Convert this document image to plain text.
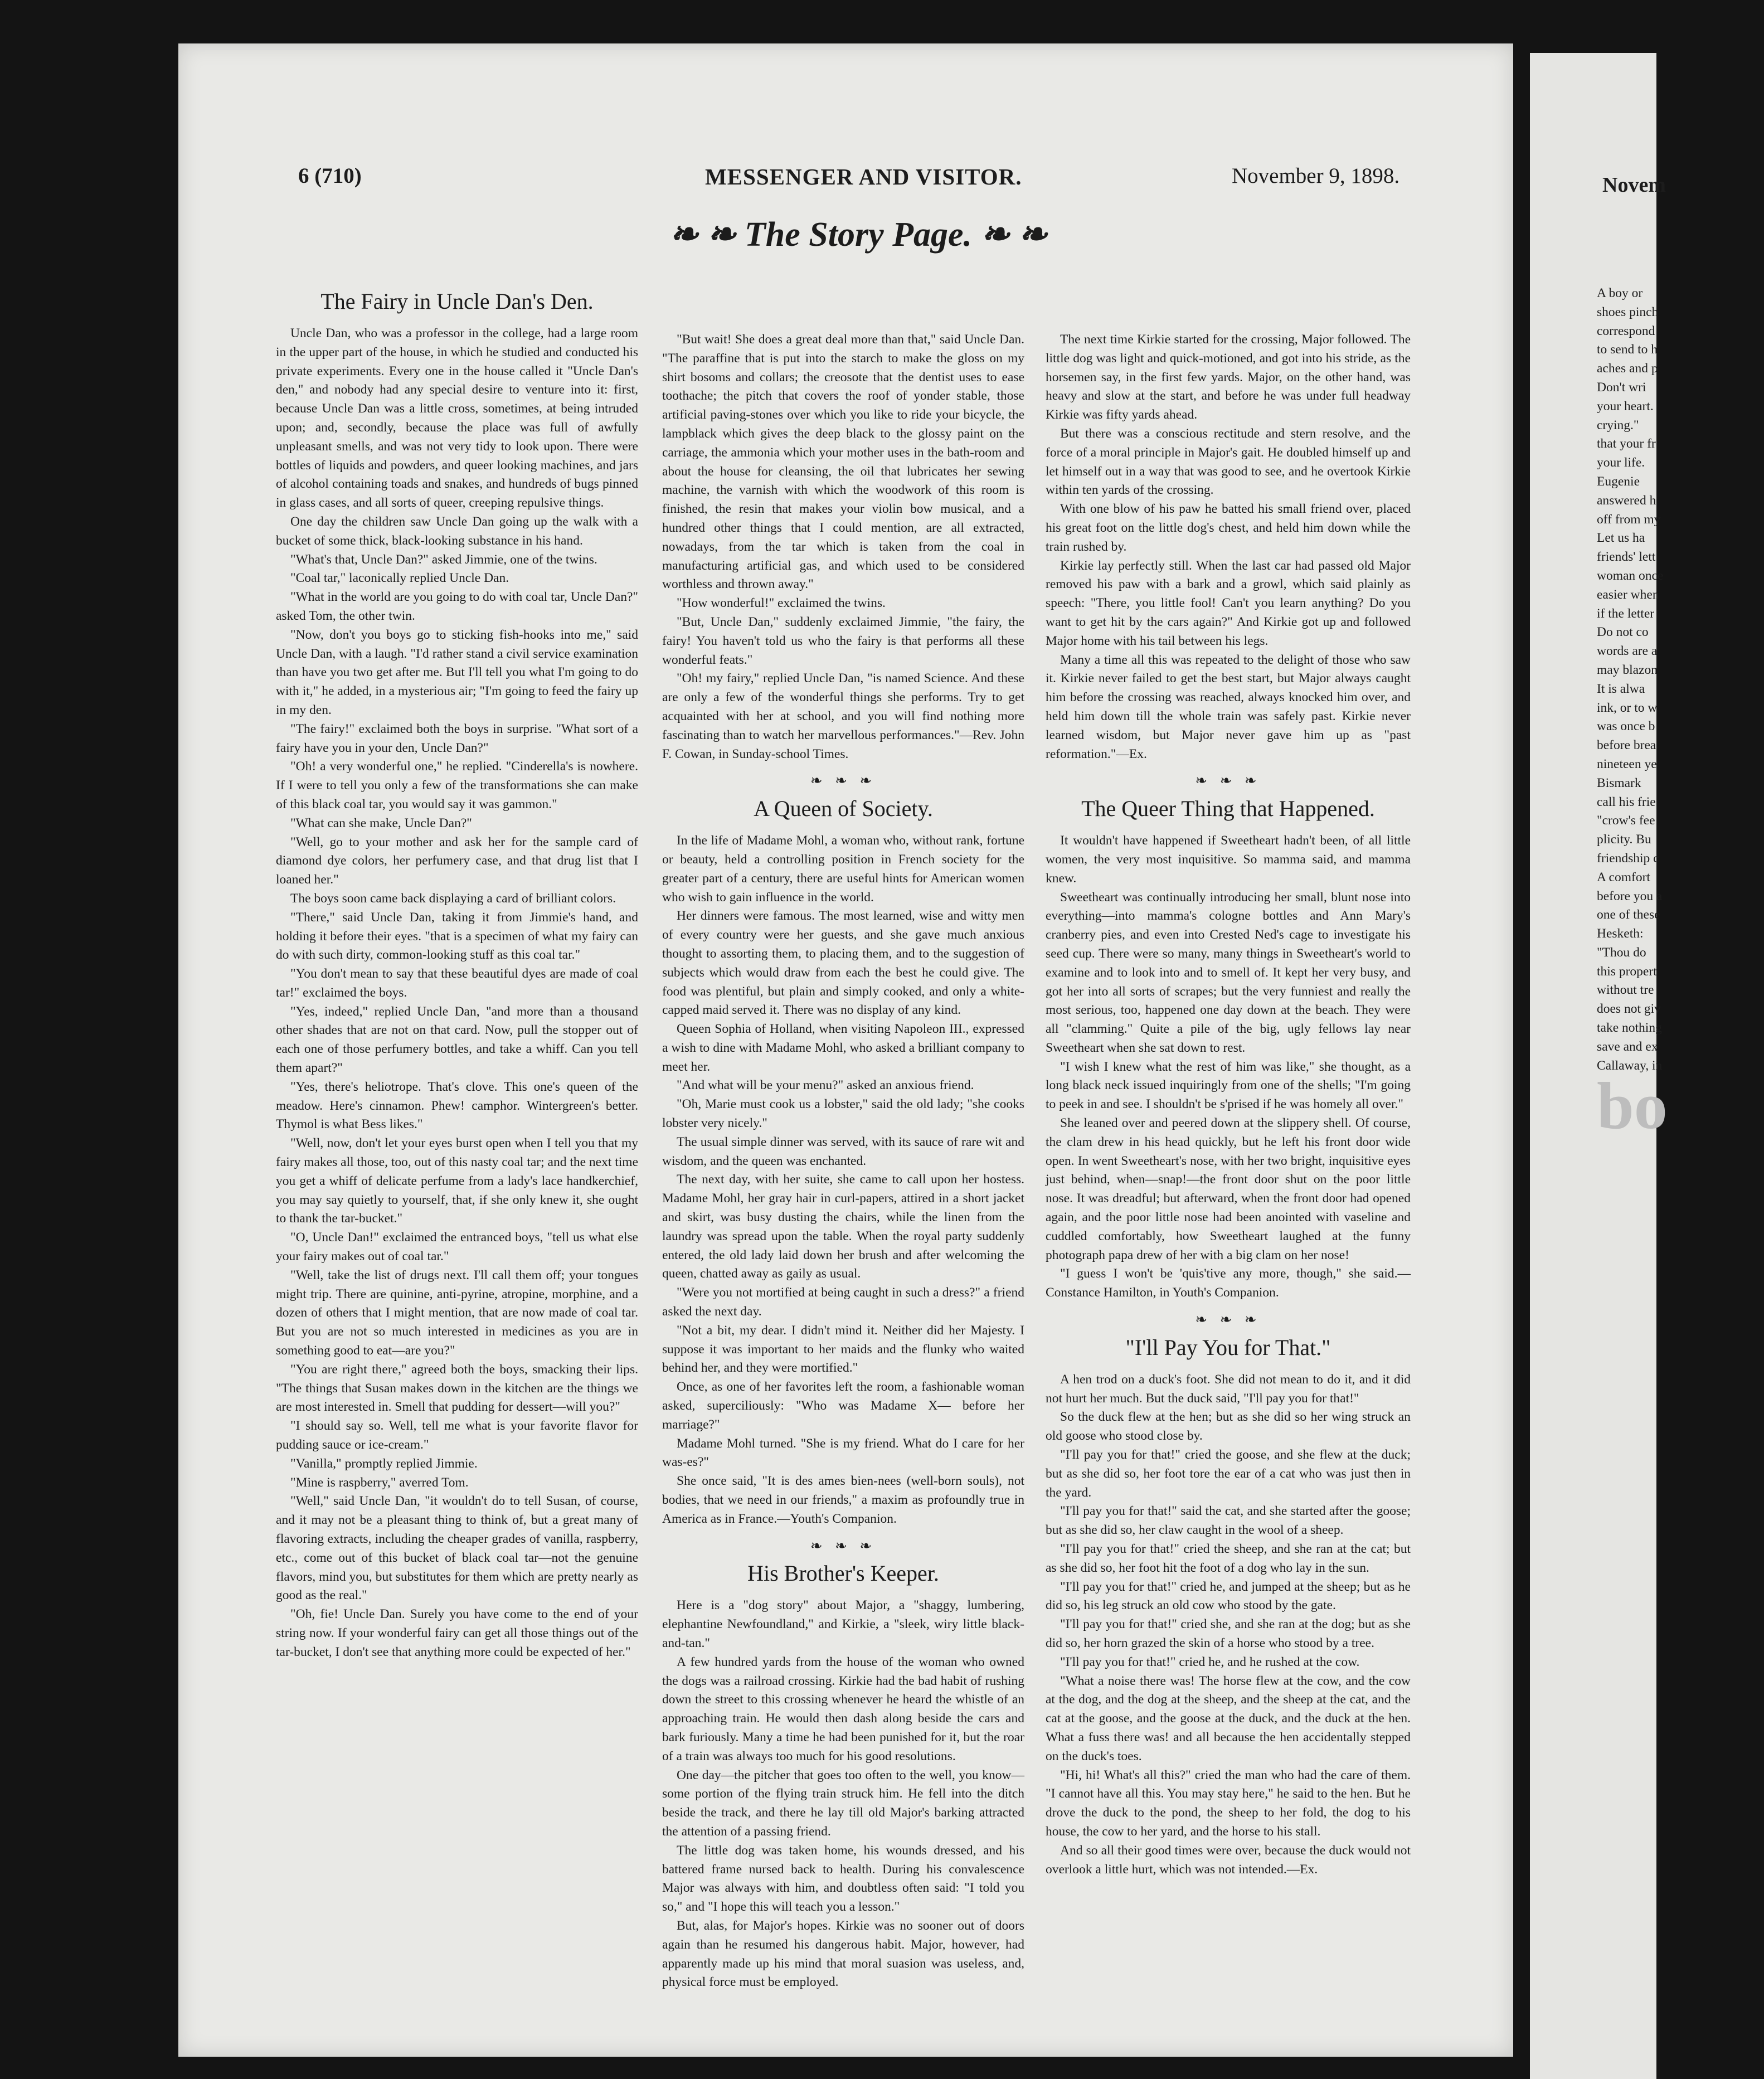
6 (710)	MESSENGER AND VISITOR.	November 9, 1898.
❧ ❧ The Story Page. ❧ ❧
The Fairy in Uncle Dan's Den.

Uncle Dan, who was a professor in the college, had a large room in the upper part of the house, in which he studied and conducted his private experiments. Every one in the house called it "Uncle Dan's den," and nobody had any special desire to venture into it: first, because Uncle Dan was a little cross, sometimes, at being intruded upon; and, secondly, because the place was full of awfully unpleasant smells, and was not very tidy to look upon. There were bottles of liquids and powders, and queer looking machines, and jars of alcohol containing toads and snakes, and hundreds of bugs pinned in glass cases, and all sorts of queer, creeping repulsive things.

One day the children saw Uncle Dan going up the walk with a bucket of some thick, black-looking substance in his hand.

"What's that, Uncle Dan?" asked Jimmie, one of the twins.

"Coal tar," laconically replied Uncle Dan.

"What in the world are you going to do with coal tar, Uncle Dan?" asked Tom, the other twin.

"Now, don't you boys go to sticking fish-hooks into me," said Uncle Dan, with a laugh. "I'd rather stand a civil service examination than have you two get after me. But I'll tell you what I'm going to do with it," he added, in a mysterious air; "I'm going to feed the fairy up in my den.

"The fairy!" exclaimed both the boys in surprise. "What sort of a fairy have you in your den, Uncle Dan?"

"Oh! a very wonderful one," he replied. "Cinderella's is nowhere. If I were to tell you only a few of the transformations she can make of this black coal tar, you would say it was gammon."

"What can she make, Uncle Dan?"

"Well, go to your mother and ask her for the sample card of diamond dye colors, her perfumery case, and that drug list that I loaned her."

The boys soon came back displaying a card of brilliant colors.

"There," said Uncle Dan, taking it from Jimmie's hand, and holding it before their eyes. "that is a specimen of what my fairy can do with such dirty, common-looking stuff as this coal tar."

"You don't mean to say that these beautiful dyes are made of coal tar!" exclaimed the boys.

"Yes, indeed," replied Uncle Dan, "and more than a thousand other shades that are not on that card. Now, pull the stopper out of each one of those perfumery bottles, and take a whiff. Can you tell them apart?"

"Yes, there's heliotrope. That's clove. This one's queen of the meadow. Here's cinnamon. Phew! camphor. Wintergreen's better. Thymol is what Bess likes."

"Well, now, don't let your eyes burst open when I tell you that my fairy makes all those, too, out of this nasty coal tar; and the next time you get a whiff of delicate perfume from a lady's lace handkerchief, you may say quietly to yourself, that, if she only knew it, she ought to thank the tar-bucket."

"O, Uncle Dan!" exclaimed the entranced boys, "tell us what else your fairy makes out of coal tar."

"Well, take the list of drugs next. I'll call them off; your tongues might trip. There are quinine, anti-pyrine, atropine, morphine, and a dozen of others that I might mention, that are now made of coal tar. But you are not so much interested in medicines as you are in something good to eat—are you?"

"You are right there," agreed both the boys, smacking their lips. "The things that Susan makes down in the kitchen are the things we are most interested in. Smell that pudding for dessert—will you?"

"I should say so. Well, tell me what is your favorite flavor for pudding sauce or ice-cream."

"Vanilla," promptly replied Jimmie.

"Mine is raspberry," averred Tom.

"Well," said Uncle Dan, "it wouldn't do to tell Susan, of course, and it may not be a pleasant thing to think of, but a great many of flavoring extracts, including the cheaper grades of vanilla, raspberry, etc., come out of this bucket of black coal tar—not the genuine flavors, mind you, but substitutes for them which are pretty nearly as good as the real."

"Oh, fie! Uncle Dan. Surely you have come to the end of your string now. If your wonderful fairy can get all those things out of the tar-bucket, I don't see that anything more could be expected of her."

"But wait! She does a great deal more than that," said Uncle Dan. "The paraffine that is put into the starch to make the gloss on my shirt bosoms and collars; the creosote that the dentist uses to ease toothache; the pitch that covers the roof of yonder stable, those artificial paving-stones over which you like to ride your bicycle, the lampblack which gives the deep black to the glossy paint on the carriage, the ammonia which your mother uses in the bath-room and about the house for cleansing, the oil that lubricates her sewing machine, the varnish with which the woodwork of this room is finished, the resin that makes your violin bow musical, and a hundred other things that I could mention, are all extracted, nowadays, from the tar which is taken from the coal in manufacturing artificial gas, and which used to be considered worthless and thrown away."

"How wonderful!" exclaimed the twins.

"But, Uncle Dan," suddenly exclaimed Jimmie, "the fairy, the fairy! You haven't told us who the fairy is that performs all these wonderful feats."

"Oh! my fairy," replied Uncle Dan, "is named Science. And these are only a few of the wonderful things she performs. Try to get acquainted with her at school, and you will find nothing more fascinating than to watch her marvellous performances."—Rev. John F. Cowan, in Sunday-school Times.

❧ ❧ ❧
A Queen of Society.

In the life of Madame Mohl, a woman who, without rank, fortune or beauty, held a controlling position in French society for the greater part of a century, there are useful hints for American women who wish to gain influence in the world.

Her dinners were famous. The most learned, wise and witty men of every country were her guests, and she gave much anxious thought to assorting them, to placing them, and to the suggestion of subjects which would draw from each the best he could give. The food was plentiful, but plain and simply cooked, and only a white-capped maid served it. There was no display of any kind.

Queen Sophia of Holland, when visiting Napoleon III., expressed a wish to dine with Madame Mohl, who asked a brilliant company to meet her.

"And what will be your menu?" asked an anxious friend.

"Oh, Marie must cook us a lobster," said the old lady; "she cooks lobster very nicely."

The usual simple dinner was served, with its sauce of rare wit and wisdom, and the queen was enchanted.

The next day, with her suite, she came to call upon her hostess. Madame Mohl, her gray hair in curl-papers, attired in a short jacket and skirt, was busy dusting the chairs, while the linen from the laundry was spread upon the table. When the royal party suddenly entered, the old lady laid down her brush and after welcoming the queen, chatted away as gaily as usual.

"Were you not mortified at being caught in such a dress?" a friend asked the next day.

"Not a bit, my dear. I didn't mind it. Neither did her Majesty. I suppose it was important to her maids and the flunky who waited behind her, and they were mortified."

Once, as one of her favorites left the room, a fashionable woman asked, superciliously: "Who was Madame X— before her marriage?"

Madame Mohl turned. "She is my friend. What do I care for her was-es?"

She once said, "It is des ames bien-nees (well-born souls), not bodies, that we need in our friends," a maxim as profoundly true in America as in France.—Youth's Companion.

❧ ❧ ❧
His Brother's Keeper.

Here is a "dog story" about Major, a "shaggy, lumbering, elephantine Newfoundland," and Kirkie, a "sleek, wiry little black-and-tan."

A few hundred yards from the house of the woman who owned the dogs was a railroad crossing. Kirkie had the bad habit of rushing down the street to this crossing whenever he heard the whistle of an approaching train. He would then dash along beside the cars and bark furiously. Many a time he had been punished for it, but the roar of a train was always too much for his good resolutions.

One day—the pitcher that goes too often to the well, you know—some portion of the flying train struck him. He fell into the ditch beside the track, and there he lay till old Major's barking attracted the attention of a passing friend.

The little dog was taken home, his wounds dressed, and his battered frame nursed back to health. During his convalescence Major was always with him, and doubtless often said: "I told you so," and "I hope this will teach you a lesson."

But, alas, for Major's hopes. Kirkie was no sooner out of doors again than he resumed his dangerous habit. Major, however, had apparently made up his mind that moral suasion was useless, and, physical force must be employed.

The next time Kirkie started for the crossing, Major followed. The little dog was light and quick-motioned, and got into his stride, as the horsemen say, in the first few yards. Major, on the other hand, was heavy and slow at the start, and before he was under full headway Kirkie was fifty yards ahead.

But there was a conscious rectitude and stern resolve, and the force of a moral principle in Major's gait. He doubled himself up and let himself out in a way that was good to see, and he overtook Kirkie within ten yards of the crossing.

With one blow of his paw he batted his small friend over, placed his great foot on the little dog's chest, and held him down while the train rushed by.

Kirkie lay perfectly still. When the last car had passed old Major removed his paw with a bark and a growl, which said plainly as speech: "There, you little fool! Can't you learn anything? Do you want to get hit by the cars again?" And Kirkie got up and followed Major home with his tail between his legs.

Many a time all this was repeated to the delight of those who saw it. Kirkie never failed to get the best start, but Major always caught him before the crossing was reached, always knocked him over, and held him down till the whole train was safely past. Kirkie never learned wisdom, but Major never gave him up as "past reformation."—Ex.

❧ ❧ ❧
The Queer Thing that Happened.

It wouldn't have happened if Sweetheart hadn't been, of all little women, the very most inquisitive. So mamma said, and mamma knew.

Sweetheart was continually introducing her small, blunt nose into everything—into mamma's cologne bottles and Ann Mary's cranberry pies, and even into Crested Ned's cage to investigate his seed cup. There were so many, many things in Sweetheart's world to examine and to look into and to smell of. It kept her very busy, and got her into all sorts of scrapes; but the very funniest and really the most serious, too, happened one day down at the beach. They were all "clamming." Quite a pile of the big, ugly fellows lay near Sweetheart when she sat down to rest.

"I wish I knew what the rest of him was like," she thought, as a long black neck issued inquiringly from one of the shells; "I'm going to peek in and see. I shouldn't be s'prised if he was homely all over."

She leaned over and peered down at the slippery shell. Of course, the clam drew in his head quickly, but he left his front door wide open. In went Sweetheart's nose, with her two bright, inquisitive eyes just behind, when—snap!—the front door shut on the poor little nose. It was dreadful; but afterward, when the front door had opened again, and the poor little nose had been anointed with vaseline and cuddled comfortably, how Sweetheart laughed at the funny photograph papa drew of her with a big clam on her nose!

"I guess I won't be 'quis'tive any more, though," she said.—Constance Hamilton, in Youth's Companion.

❧ ❧ ❧
"I'll Pay You for That."

A hen trod on a duck's foot. She did not mean to do it, and it did not hurt her much. But the duck said, "I'll pay you for that!"

So the duck flew at the hen; but as she did so her wing struck an old goose who stood close by.

"I'll pay you for that!" cried the goose, and she flew at the duck; but as she did so, her foot tore the ear of a cat who was just then in the yard.

"I'll pay you for that!" said the cat, and she started after the goose; but as she did so, her claw caught in the wool of a sheep.

"I'll pay you for that!" cried the sheep, and she ran at the cat; but as she did so, her foot hit the foot of a dog who lay in the sun.

"I'll pay you for that!" cried he, and jumped at the sheep; but as he did so, his leg struck an old cow who stood by the gate.

"I'll pay you for that!" cried she, and she ran at the dog; but as she did so, her horn grazed the skin of a horse who stood by a tree.

"I'll pay you for that!" cried he, and he rushed at the cow.

"What a noise there was! The horse flew at the cow, and the cow at the dog, and the dog at the sheep, and the sheep at the cat, and the cat at the goose, and the goose at the duck, and the duck at the hen. What a fuss there was! and all because the hen accidentally stepped on the duck's toes.

"Hi, hi! What's all this?" cried the man who had the care of them. "I cannot have all this. You may stay here," he said to the hen. But he drove the duck to the pond, the sheep to her fold, the dog to his house, the cow to her yard, and the horse to his stall.

And so all their good times were over, because the duck would not overlook a little hurt, which was not intended.—Ex.

Novem
A boy or
shoes pinch
correspond
to send to h
aches and p
Don't wri
your heart.
crying."
that your fr
your life.
Eugenie
answered h
off from my
Let us ha
friends' lett
woman once
easier when
if the letter
Do not co
words are a
may blazon
It is alwa
ink, or to w
was once b
before brea
nineteen ye
Bismark
call his frie
"crow's fee
plicity. Bu
friendship c
A comfort
before you a
one of these
Hesketh:
"Thou do
this propert
without tre
does not giv
take nothing
save and ex
Callaway, in
bo
